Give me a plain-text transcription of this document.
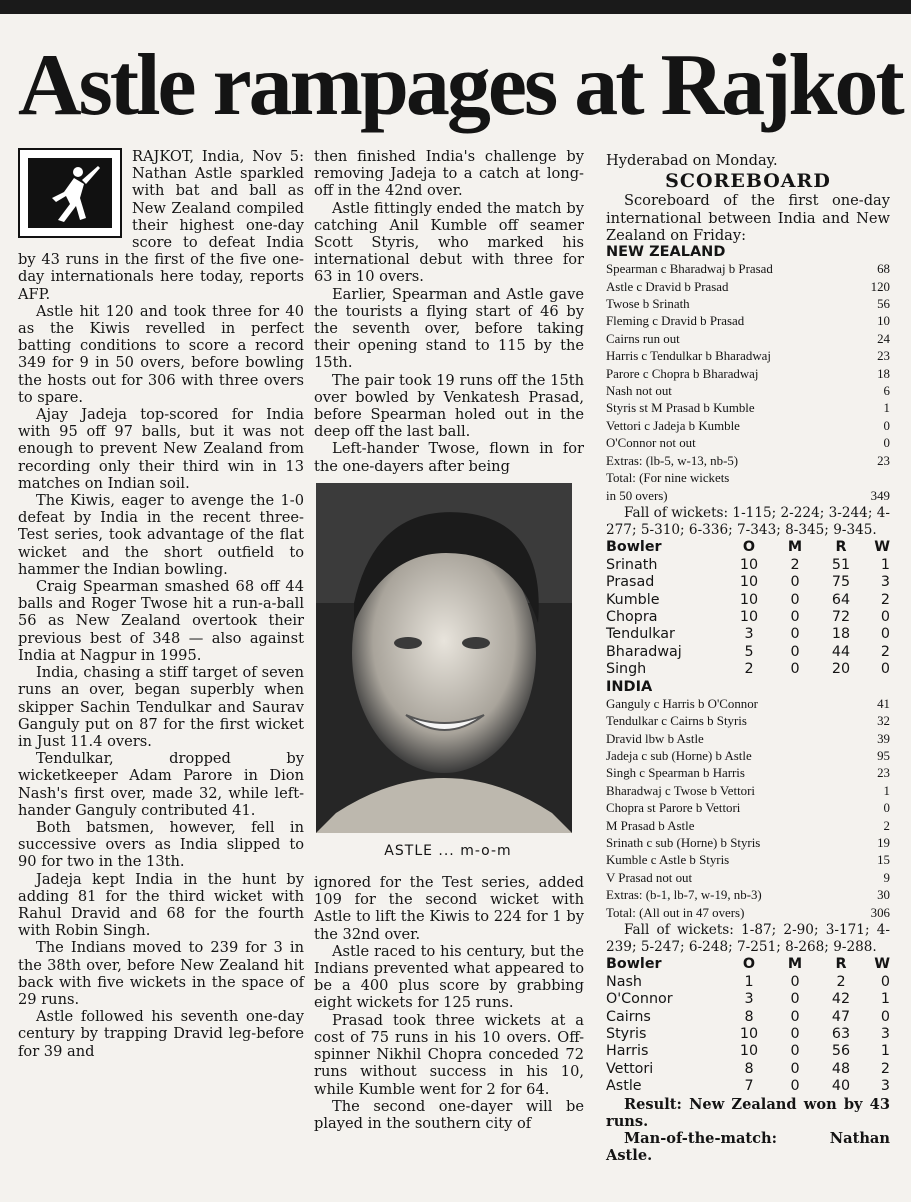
Astle rampages at Rajkot

RAJKOT, India, Nov 5: Nathan Astle sparkled with bat and ball as New Zealand compiled their highest one-day score to defeat India by 43 runs in the first of the five one-day internationals here today, reports AFP.

Astle hit 120 and took three for 40 as the Kiwis revelled in perfect batting conditions to score a record 349 for 9 in 50 overs, before bowling the hosts out for 306 with three overs to spare.

Ajay Jadeja top-scored for India with 95 off 97 balls, but it was not enough to prevent New Zealand from recording only their third win in 13 matches on Indian soil.

The Kiwis, eager to avenge the 1-0 defeat by India in the recent three-Test series, took advantage of the flat wicket and the short outfield to hammer the Indian bowling.

Craig Spearman smashed 68 off 44 balls and Roger Twose hit a run-a-ball 56 as New Zealand overtook their previous best of 348 — also against India at Nagpur in 1995.

India, chasing a stiff target of seven runs an over, began superbly when skipper Sachin Tendulkar and Saurav Ganguly put on 87 for the first wicket in Just 11.4 overs.

Tendulkar, dropped by wicketkeeper Adam Parore in Dion Nash's first over, made 32, while left-hander Ganguly contributed 41.

Both batsmen, however, fell in successive overs as India slipped to 90 for two in the 13th.

Jadeja kept India in the hunt by adding 81 for the third wicket with Rahul Dravid and 68 for the fourth with Robin Singh.

The Indians moved to 239 for 3 in the 38th over, before New Zealand hit back with five wickets in the space of 29 runs.

Astle followed his seventh one-day century by trapping Dravid leg-before for 39 and

then finished India's challenge by removing Jadeja to a catch at long-off in the 42nd over.

Astle fittingly ended the match by catching Anil Kumble off seamer Scott Styris, who marked his international debut with three for 63 in 10 overs.

Earlier, Spearman and Astle gave the tourists a flying start of 46 by the seventh over, before taking their opening stand to 115 by the 15th.

The pair took 19 runs off the 15th over bowled by Venkatesh Prasad, before Spearman holed out in the deep off the last ball.

Left-hander Twose, flown in for the one-dayers after being

ASTLE ... m-o-m

ignored for the Test series, added 109 for the second wicket with Astle to lift the Kiwis to 224 for 1 by the 32nd over.

Astle raced to his century, but the Indians prevented what appeared to be a 400 plus score by grabbing eight wickets for 125 runs.

Prasad took three wickets at a cost of 75 runs in his 10 overs. Off-spinner Nikhil Chopra conceded 72 runs without success in his 10, while Kumble went for 2 for 64.

The second one-dayer will be played in the southern city of

Hyderabad on Monday.

SCOREBOARD

Scoreboard of the first one-day international between India and New Zealand on Friday:

NEW ZEALAND
Spearman c Bharadwaj b Prasad	68
Astle c Dravid b Prasad	120
Twose b Srinath	56
Fleming c Dravid b Prasad	10
Cairns run out	24
Harris c Tendulkar b Bharadwaj	23
Parore c Chopra b Bharadwaj	18
Nash not out	6
Styris st M Prasad b Kumble	1
Vettori c Jadeja b Kumble	0
O'Connor not out	0
Extras: (lb-5, w-13, nb-5)	23
Total: (For nine wickets
in 50 overs)	349
Fall of wickets: 1-115; 2-224; 3-244; 4-277; 5-310; 6-336; 7-343; 8-345; 9-345.
Bowler	O	M	R	W
Srinath	10	2	51	1
Prasad	10	0	75	3
Kumble	10	0	64	2
Chopra	10	0	72	0
Tendulkar	3	0	18	0
Bharadwaj	5	0	44	2
Singh	2	0	20	0
INDIA
Ganguly c Harris b O'Connor	41
Tendulkar c Cairns b Styris	32
Dravid lbw b Astle	39
Jadeja c sub (Horne) b Astle	95
Singh c Spearman b Harris	23
Bharadwaj c Twose b Vettori	1
Chopra st Parore b Vettori	0
M Prasad b Astle	2
Srinath c sub (Horne) b Styris	19
Kumble c Astle b Styris	15
V Prasad not out	9
Extras: (b-1, lb-7, w-19, nb-3)	30
Total: (All out in 47 overs)	306
Fall of wickets: 1-87; 2-90; 3-171; 4-239; 5-247; 6-248; 7-251; 8-268; 9-288.
Bowler	O	M	R	W
Nash	1	0	2	0
O'Connor	3	0	42	1
Cairns	8	0	47	0
Styris	10	0	63	3
Harris	10	0	56	1
Vettori	8	0	48	2
Astle	7	0	40	3

Result: New Zealand won by 43 runs.

Man-of-the-match: Nathan Astle.
